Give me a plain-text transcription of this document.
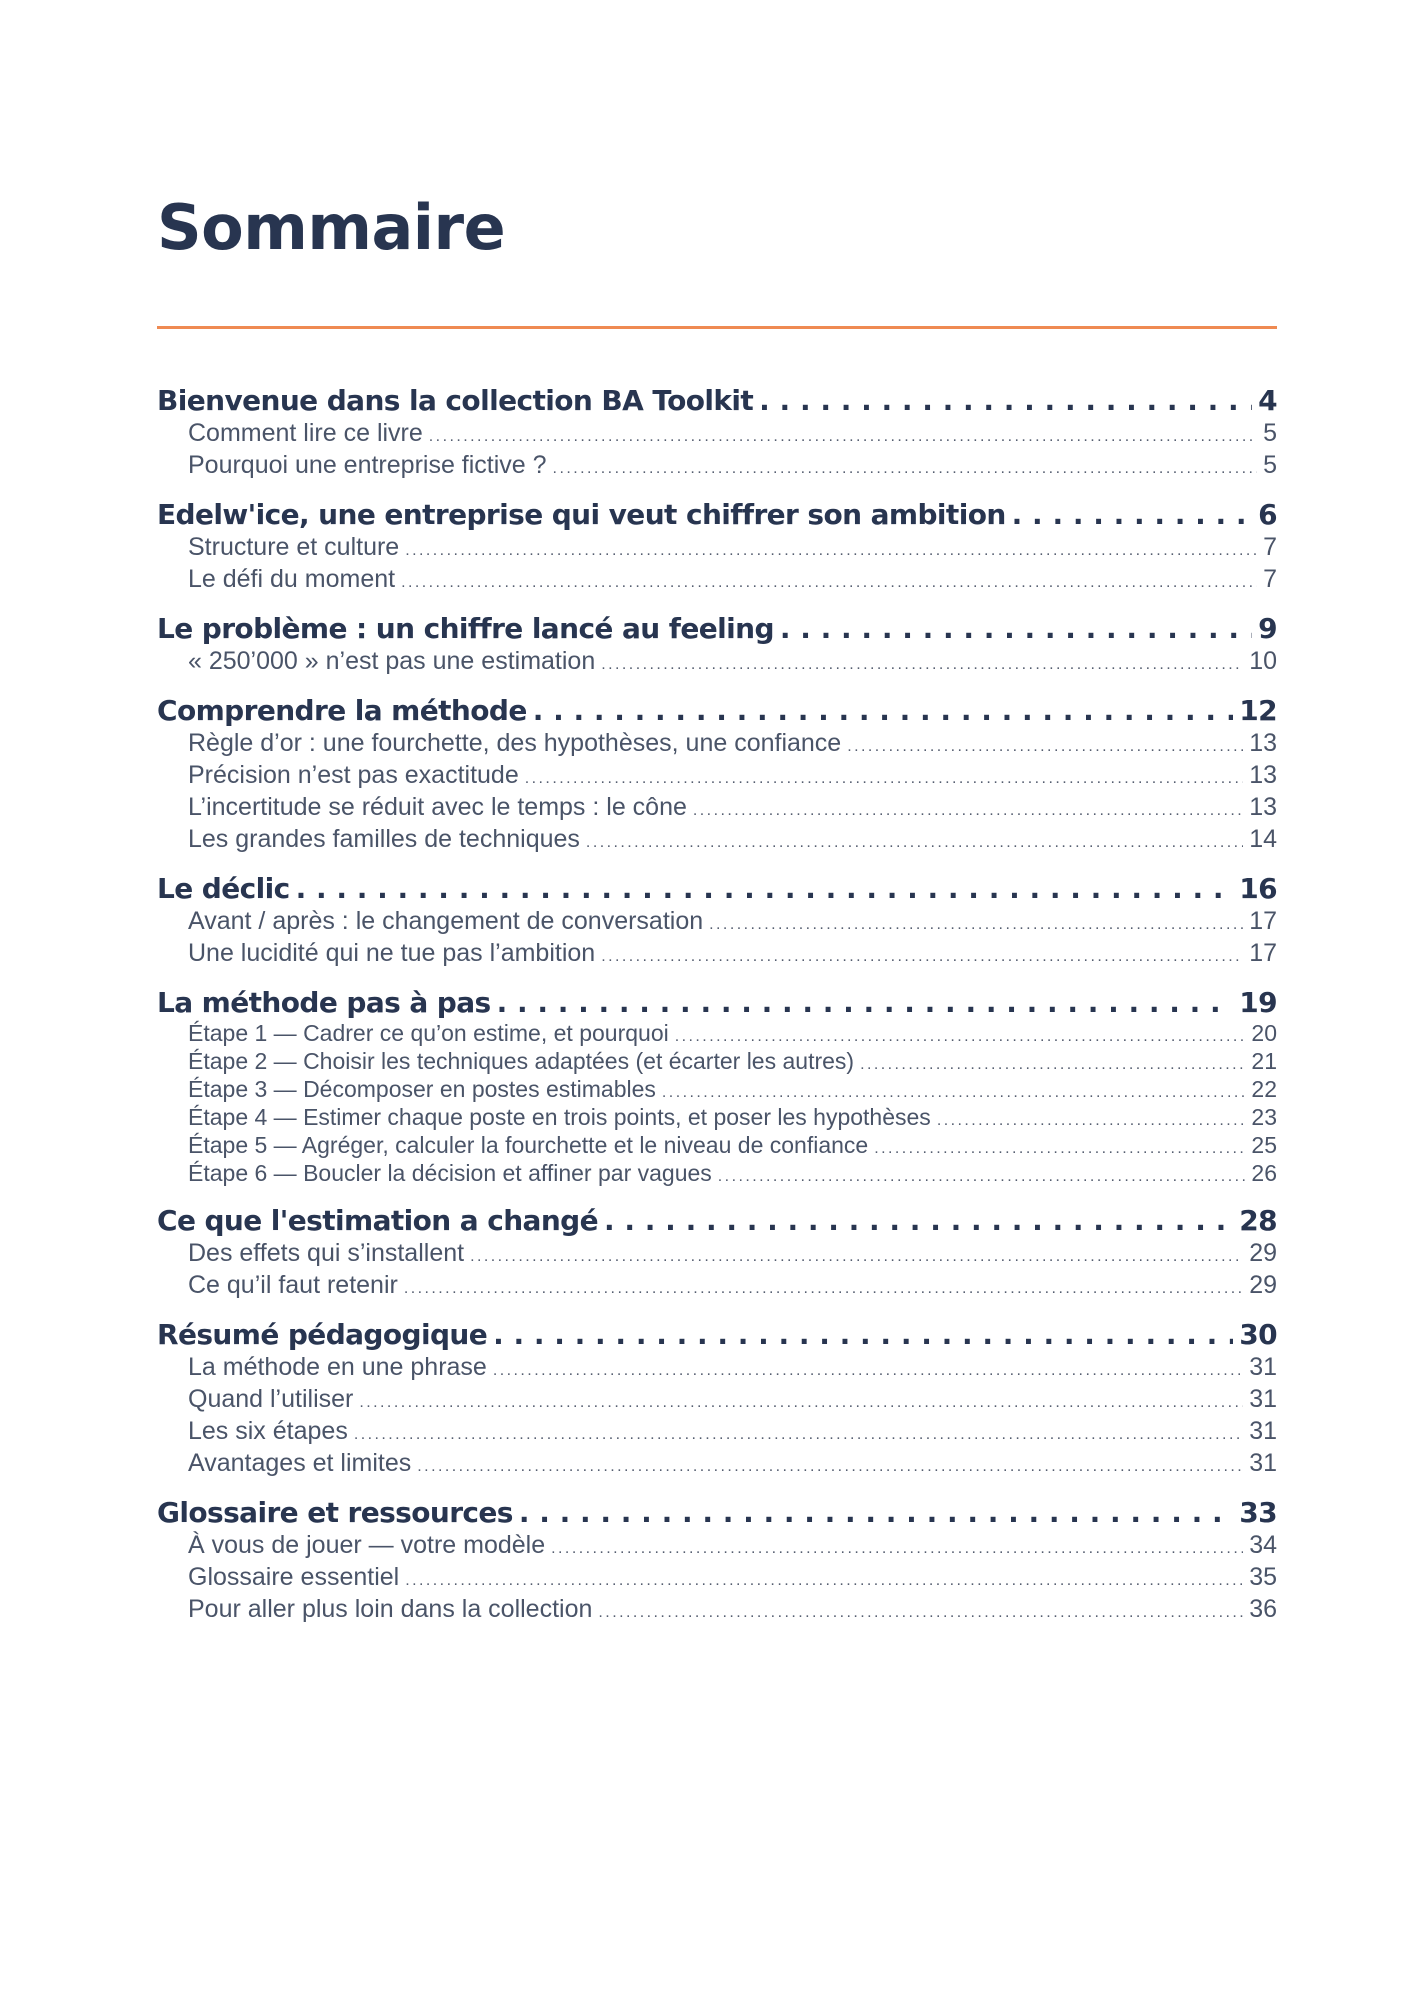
Sommaire
Bienvenue dans la collection BA Toolkit . . .	4
Comment lire ce livre . . .	5
Pourquoi une entreprise fictive ? . . .	5
Edelw'ice, une entreprise qui veut chiffrer son ambition . . .	6
Structure et culture . . .	7
Le défi du moment . . .	7
Le problème : un chiffre lancé au feeling . . .	9
« 250’000 » n’est pas une estimation . . .	10
Comprendre la méthode . . .	12
Règle d’or : une fourchette, des hypothèses, une confiance . . .	13
Précision n’est pas exactitude . . .	13
L’incertitude se réduit avec le temps : le cône . . .	13
Les grandes familles de techniques . . .	14
Le déclic . . .	16
Avant / après : le changement de conversation . . .	17
Une lucidité qui ne tue pas l’ambition . . .	17
La méthode pas à pas . . .	19
Étape 1 — Cadrer ce qu’on estime, et pourquoi . . .	20
Étape 2 — Choisir les techniques adaptées (et écarter les autres) . . .	21
Étape 3 — Décomposer en postes estimables . . .	22
Étape 4 — Estimer chaque poste en trois points, et poser les hypothèses . . .	23
Étape 5 — Agréger, calculer la fourchette et le niveau de confiance . . .	25
Étape 6 — Boucler la décision et affiner par vagues . . .	26
Ce que l'estimation a changé . . .	28
Des effets qui s’installent . . .	29
Ce qu’il faut retenir . . .	29
Résumé pédagogique . . .	30
La méthode en une phrase . . .	31
Quand l’utiliser . . .	31
Les six étapes . . .	31
Avantages et limites . . .	31
Glossaire et ressources . . .	33
À vous de jouer — votre modèle . . .	34
Glossaire essentiel . . .	35
Pour aller plus loin dans la collection . . .	36
